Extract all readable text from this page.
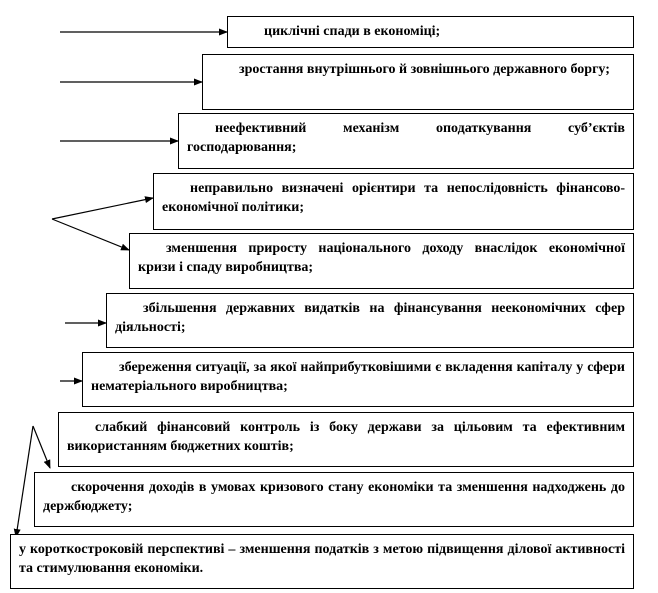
циклічні спади в економіці;
зростання внутрішнього й зовнішнього державного боргу;
неефективний механізм оподаткування суб’єктів господарювання;
неправильно визначені орієнтири та непослідовність фінансово-економічної політики;
зменшення приросту національного доходу внаслідок економічної кризи і спаду виробництва;
збільшення державних видатків на фінансування неекономічних сфер діяльності;
збереження ситуації, за якої найприбутковішими є вкладення капіталу у сфери нематеріального виробництва;
слабкий фінансовий контроль із боку держави за цільовим та ефективним використанням бюджетних коштів;
скорочення доходів в умовах кризового стану економіки та зменшення надходжень до держбюджету;
у короткостроковій перспективі – зменшення податків з метою підвищення ділової активності та стимулювання економіки.
